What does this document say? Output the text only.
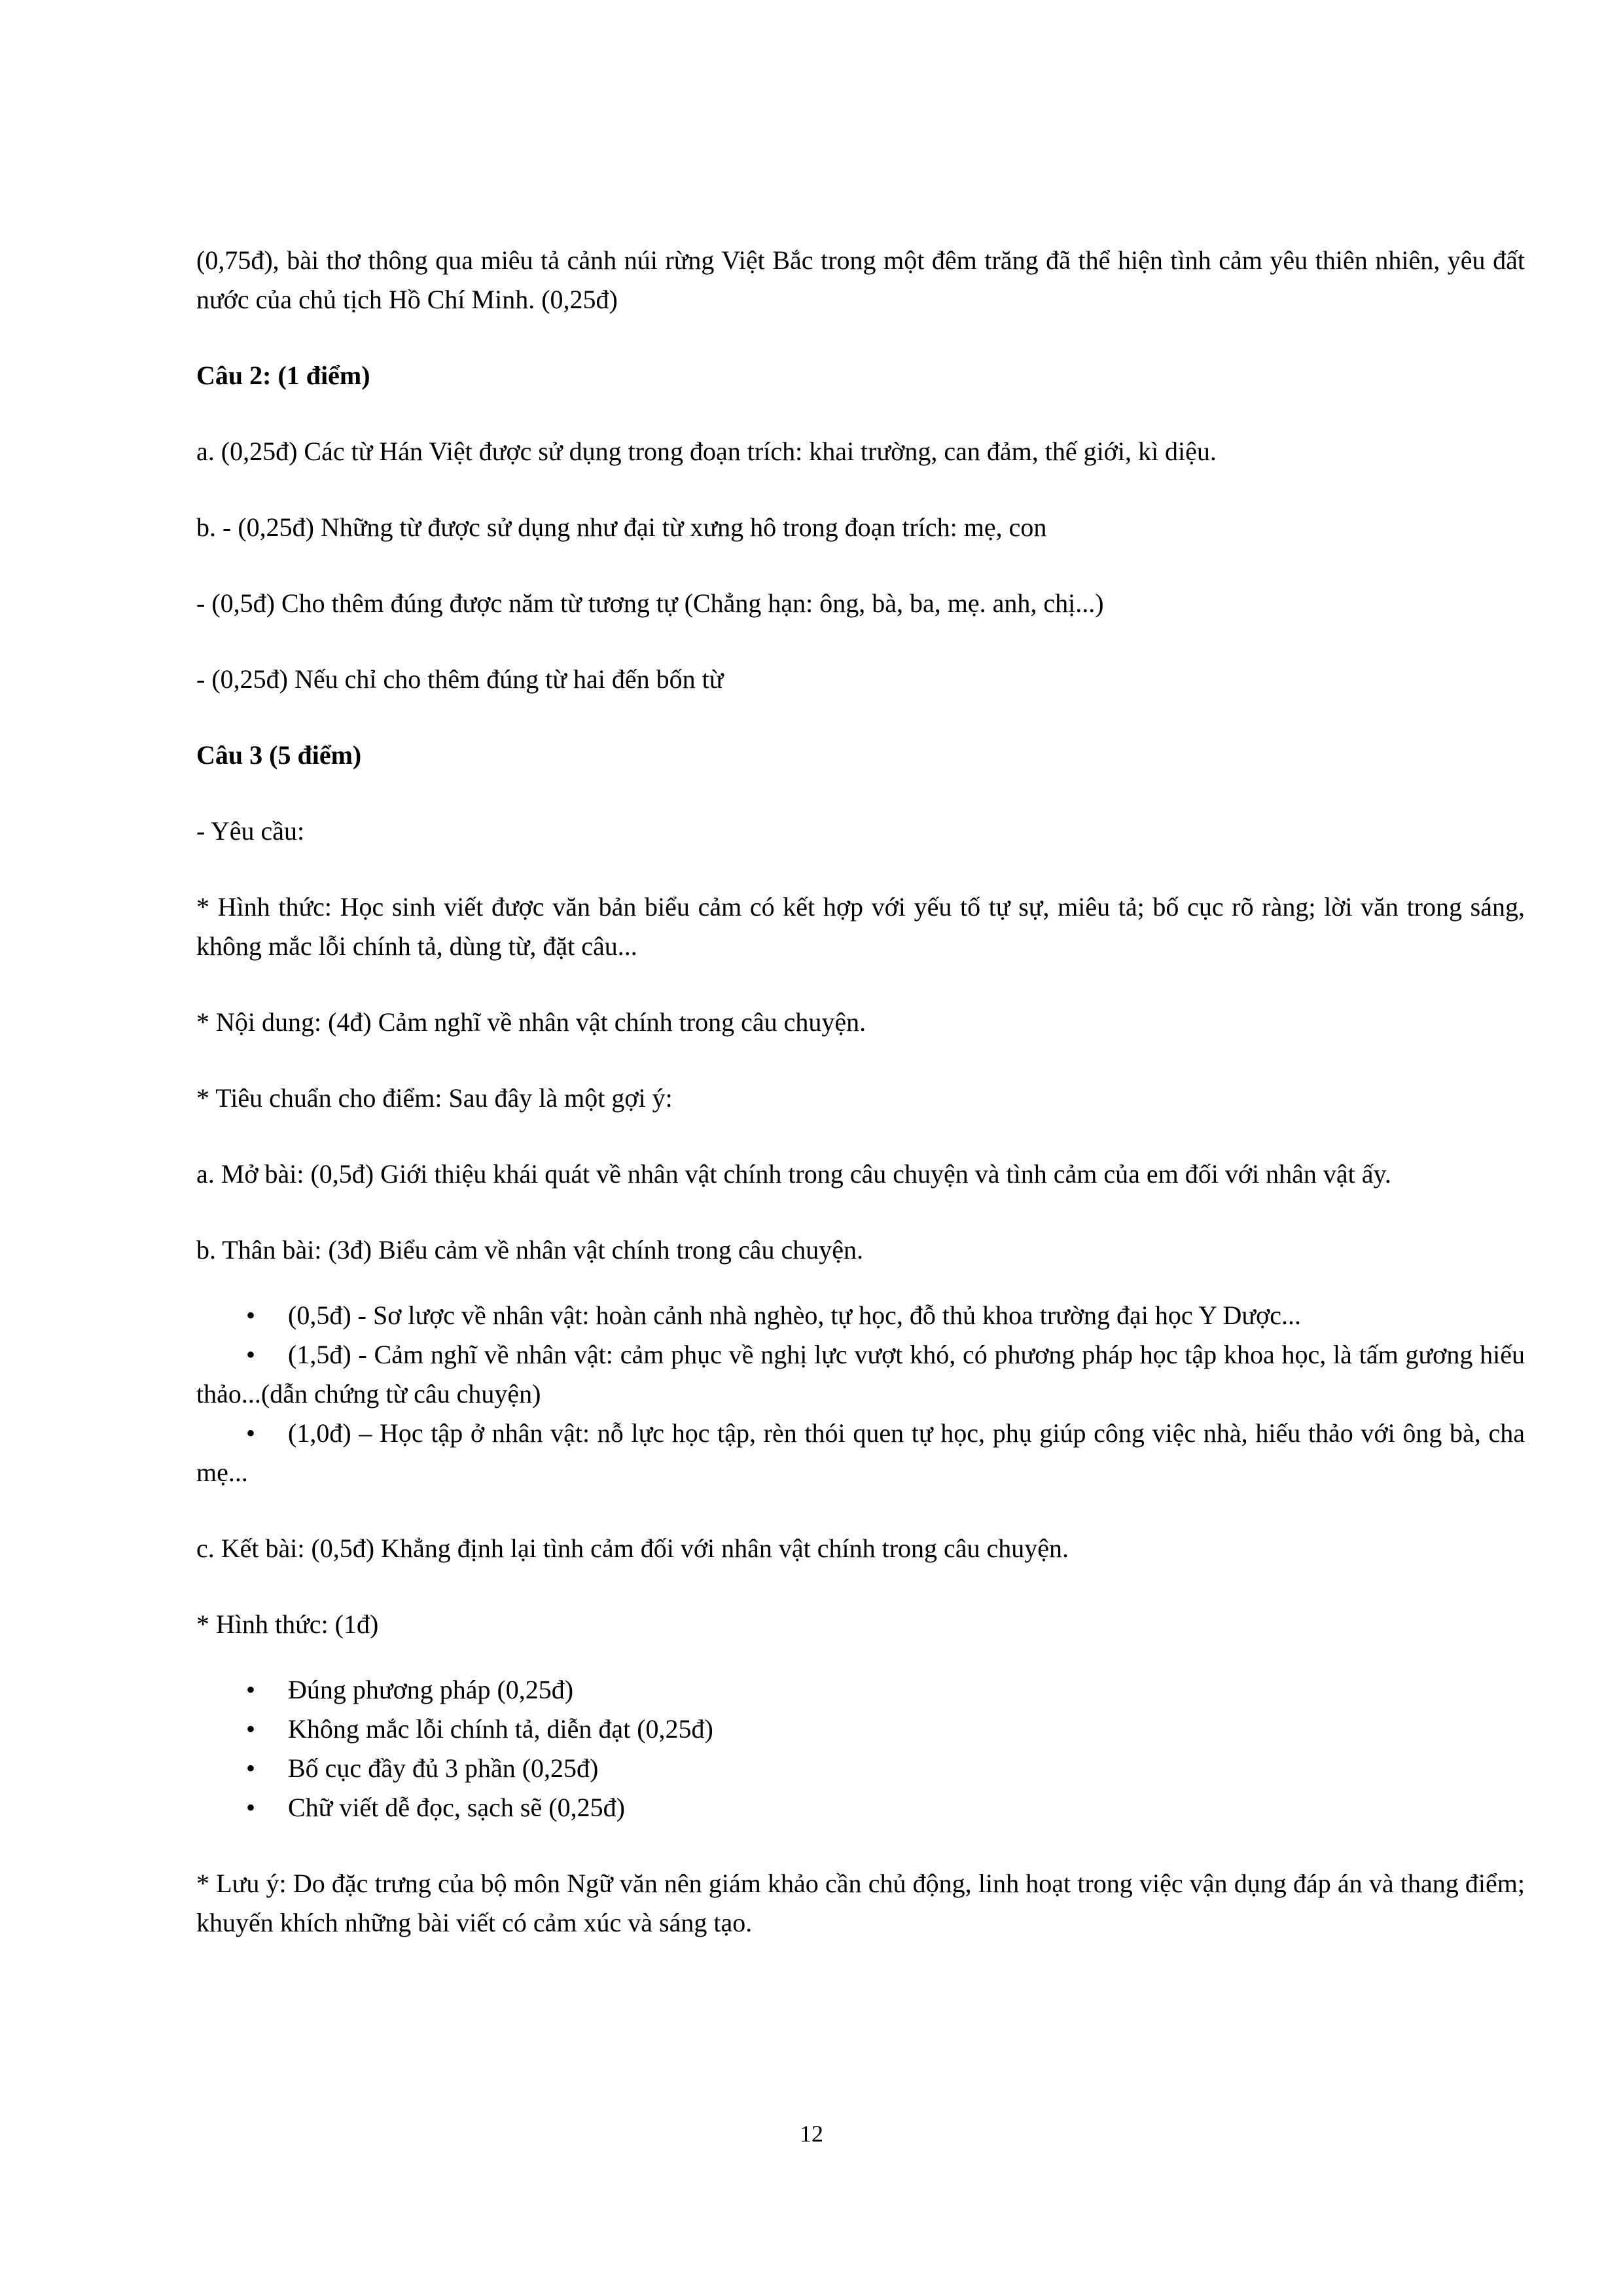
(0,75đ), bài thơ thông qua miêu tả cảnh núi rừng Việt Bắc trong một đêm trăng đã thể hiện tình cảm yêu thiên nhiên, yêu đất nước của chủ tịch Hồ Chí Minh. (0,25đ)

Câu 2: (1 điểm)

a. (0,25đ) Các từ Hán Việt được sử dụng trong đoạn trích: khai trường, can đảm, thế giới, kì diệu.

b. - (0,25đ) Những từ được sử dụng như đại từ xưng hô trong đoạn trích: mẹ, con

- (0,5đ) Cho thêm đúng được năm từ tương tự (Chẳng hạn: ông, bà, ba, mẹ. anh, chị...)

- (0,25đ) Nếu chỉ cho thêm đúng từ hai đến bốn từ

Câu 3 (5 điểm)

- Yêu cầu:

* Hình thức: Học sinh viết được văn bản biểu cảm có kết hợp với yếu tố tự sự, miêu tả; bố cục rõ ràng; lời văn trong sáng, không mắc lỗi chính tả, dùng từ, đặt câu...

* Nội dung: (4đ) Cảm nghĩ về nhân vật chính trong câu chuyện.

* Tiêu chuẩn cho điểm: Sau đây là một gợi ý:

a. Mở bài: (0,5đ) Giới thiệu khái quát về nhân vật chính trong câu chuyện và tình cảm của em đối với nhân vật ấy.

b. Thân bài: (3đ) Biểu cảm về nhân vật chính trong câu chuyện.

• (0,5đ) - Sơ lược về nhân vật: hoàn cảnh nhà nghèo, tự học, đỗ thủ khoa trường đại học Y Dược...
• (1,5đ) - Cảm nghĩ về nhân vật: cảm phục về nghị lực vượt khó, có phương pháp học tập khoa học, là tấm gương hiếu thảo...(dẫn chứng từ câu chuyện)
• (1,0đ) – Học tập ở nhân vật: nỗ lực học tập, rèn thói quen tự học, phụ giúp công việc nhà, hiếu thảo với ông bà, cha mẹ...

c. Kết bài: (0,5đ) Khẳng định lại tình cảm đối với nhân vật chính trong câu chuyện.

* Hình thức: (1đ)

• Đúng phương pháp (0,25đ)
• Không mắc lỗi chính tả, diễn đạt (0,25đ)
• Bố cục đầy đủ 3 phần (0,25đ)
• Chữ viết dễ đọc, sạch sẽ (0,25đ)

* Lưu ý: Do đặc trưng của bộ môn Ngữ văn nên giám khảo cần chủ động, linh hoạt trong việc vận dụng đáp án và thang điểm; khuyến khích những bài viết có cảm xúc và sáng tạo.

12
